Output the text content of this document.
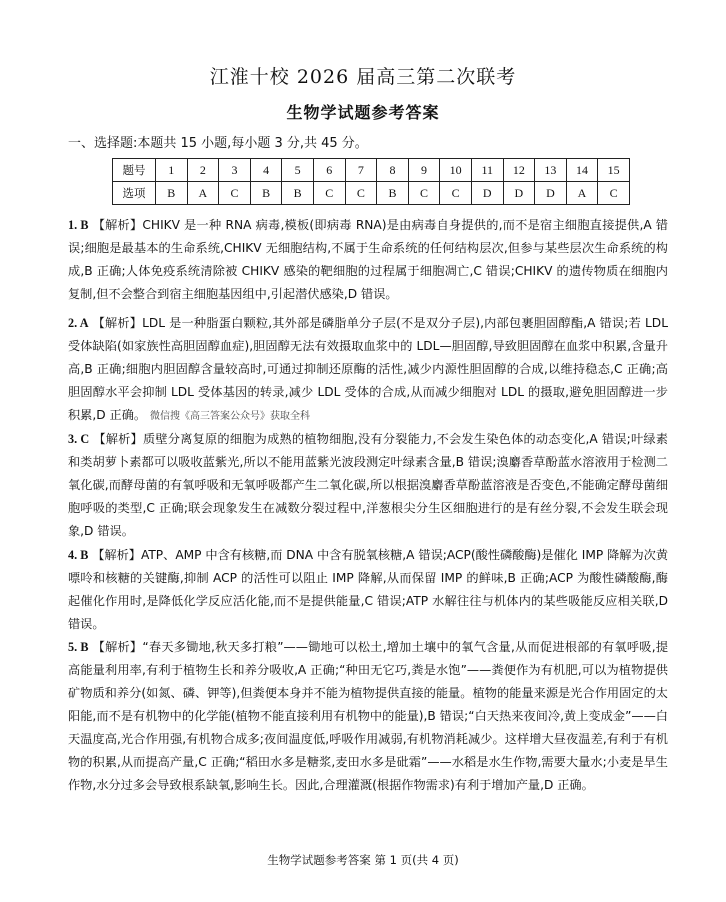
江淮十校 2026 届高三第二次联考
生物学试题参考答案
一、选择题:本题共 15 小题,每小题 3 分,共 45 分。
题号	1	2	3	4	5	6	7	8	9	10	11	12	13	14	15
选项	B	A	C	B	B	C	C	B	C	C	D	D	D	A	C
1. B 【解析】CHIKV 是一种 RNA 病毒,模板(即病毒 RNA)是由病毒自身提供的,而不是宿主细胞直接提供,A 错误;细胞是最基本的生命系统,CHIKV 无细胞结构,不属于生命系统的任何结构层次,但参与某些层次生命系统的构成,B 正确;人体免疫系统清除被 CHIKV 感染的靶细胞的过程属于细胞凋亡,C 错误;CHIKV 的遗传物质在细胞内复制,但不会整合到宿主细胞基因组中,引起潜伏感染,D 错误。
2. A 【解析】LDL 是一种脂蛋白颗粒,其外部是磷脂单分子层(不是双分子层),内部包裹胆固醇酯,A 错误;若 LDL 受体缺陷(如家族性高胆固醇血症),胆固醇无法有效摄取血浆中的 LDL—胆固醇,导致胆固醇在血浆中积累,含量升高,B 正确;细胞内胆固醇含量较高时,可通过抑制还原酶的活性,减少内源性胆固醇的合成,以维持稳态,C 正确;高胆固醇水平会抑制 LDL 受体基因的转录,减少 LDL 受体的合成,从而减少细胞对 LDL 的摄取,避免胆固醇进一步积累,D 正确。 微信搜《高三答案公众号》获取全科
3. C 【解析】质壁分离复原的细胞为成熟的植物细胞,没有分裂能力,不会发生染色体的动态变化,A 错误;叶绿素和类胡萝卜素都可以吸收蓝紫光,所以不能用蓝紫光波段测定叶绿素含量,B 错误;溴麝香草酚蓝水溶液用于检测二氧化碳,而酵母菌的有氧呼吸和无氧呼吸都产生二氧化碳,所以根据溴麝香草酚蓝溶液是否变色,不能确定酵母菌细胞呼吸的类型,C 正确;联会现象发生在减数分裂过程中,洋葱根尖分生区细胞进行的是有丝分裂,不会发生联会现象,D 错误。
4. B 【解析】ATP、AMP 中含有核糖,而 DNA 中含有脱氧核糖,A 错误;ACP(酸性磷酸酶)是催化 IMP 降解为次黄嘌呤和核糖的关键酶,抑制 ACP 的活性可以阻止 IMP 降解,从而保留 IMP 的鲜味,B 正确;ACP 为酸性磷酸酶,酶起催化作用时,是降低化学反应活化能,而不是提供能量,C 错误;ATP 水解往往与机体内的某些吸能反应相关联,D 错误。
5. B 【解析】“春天多锄地,秋天多打粮”——锄地可以松土,增加土壤中的氧气含量,从而促进根部的有氧呼吸,提高能量利用率,有利于植物生长和养分吸收,A 正确;“种田无它巧,粪是水饱”——粪便作为有机肥,可以为植物提供矿物质和养分(如氮、磷、钾等),但粪便本身并不能为植物提供直接的能量。植物的能量来源是光合作用固定的太阳能,而不是有机物中的化学能(植物不能直接利用有机物中的能量),B 错误;“白天热来夜间冷,黄上变成金”——白天温度高,光合作用强,有机物合成多;夜间温度低,呼吸作用减弱,有机物消耗减少。这样增大昼夜温差,有利于有机物的积累,从而提高产量,C 正确;“稻田水多是糖浆,麦田水多是砒霜”——水稻是水生作物,需要大量水;小麦是旱生作物,水分过多会导致根系缺氧,影响生长。因此,合理灌溉(根据作物需求)有利于增加产量,D 正确。
生物学试题参考答案 第 1 页(共 4 页)
